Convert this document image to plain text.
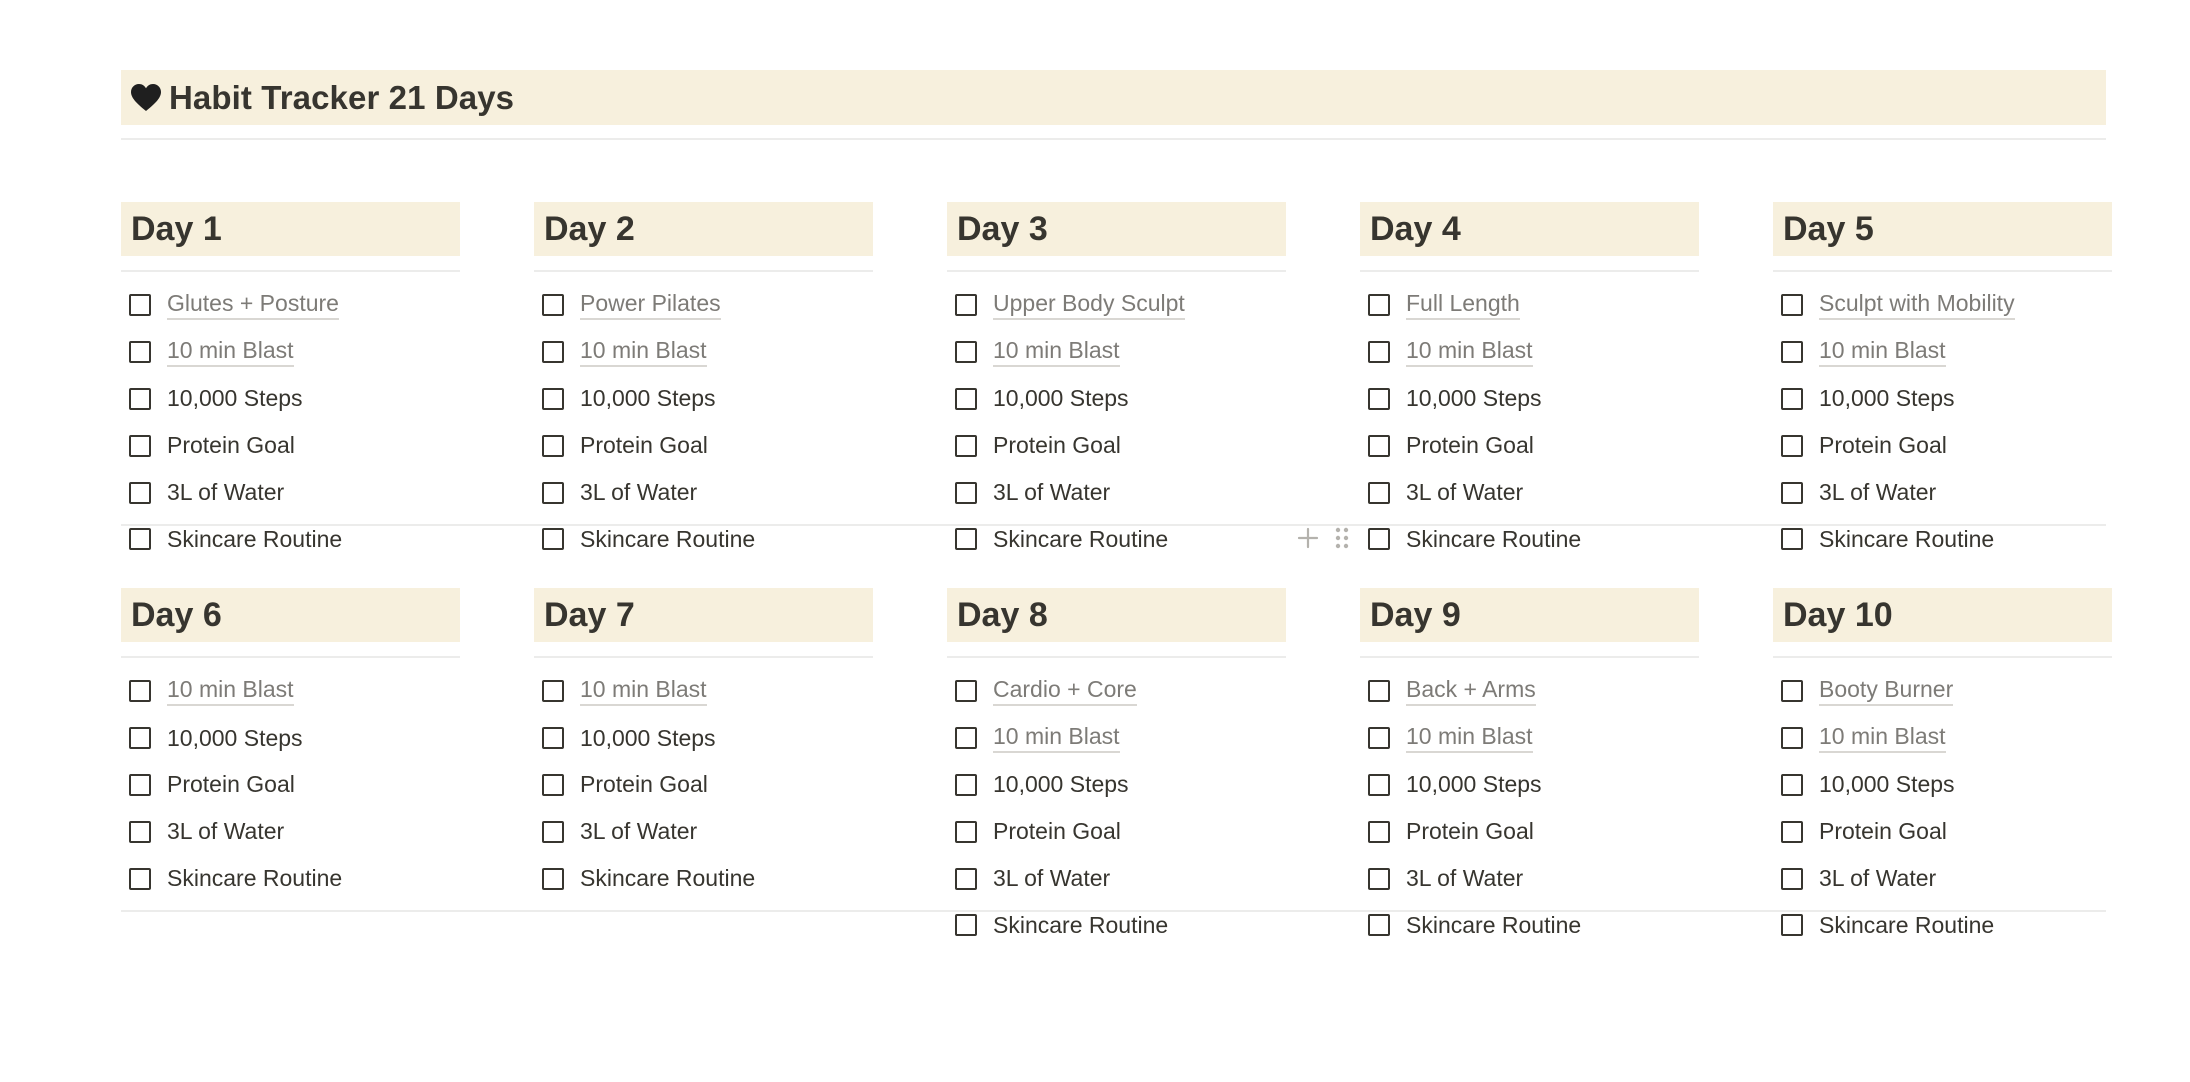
Habit Tracker 21 Days
Day 1
Glutes + Posture
10 min Blast
10,000 Steps
Protein Goal
3L of Water
Skincare Routine
Day 2
Power Pilates
10 min Blast
10,000 Steps
Protein Goal
3L of Water
Skincare Routine
Day 3
Upper Body Sculpt
10 min Blast
10,000 Steps
Protein Goal
3L of Water
Skincare Routine
Day 4
Full Length
10 min Blast
10,000 Steps
Protein Goal
3L of Water
Skincare Routine
Day 5
Sculpt with Mobility
10 min Blast
10,000 Steps
Protein Goal
3L of Water
Skincare Routine
Day 6
10 min Blast
10,000 Steps
Protein Goal
3L of Water
Skincare Routine
Day 7
10 min Blast
10,000 Steps
Protein Goal
3L of Water
Skincare Routine
Day 8
Cardio + Core
10 min Blast
10,000 Steps
Protein Goal
3L of Water
Skincare Routine
Day 9
Back + Arms
10 min Blast
10,000 Steps
Protein Goal
3L of Water
Skincare Routine
Day 10
Booty Burner
10 min Blast
10,000 Steps
Protein Goal
3L of Water
Skincare Routine
